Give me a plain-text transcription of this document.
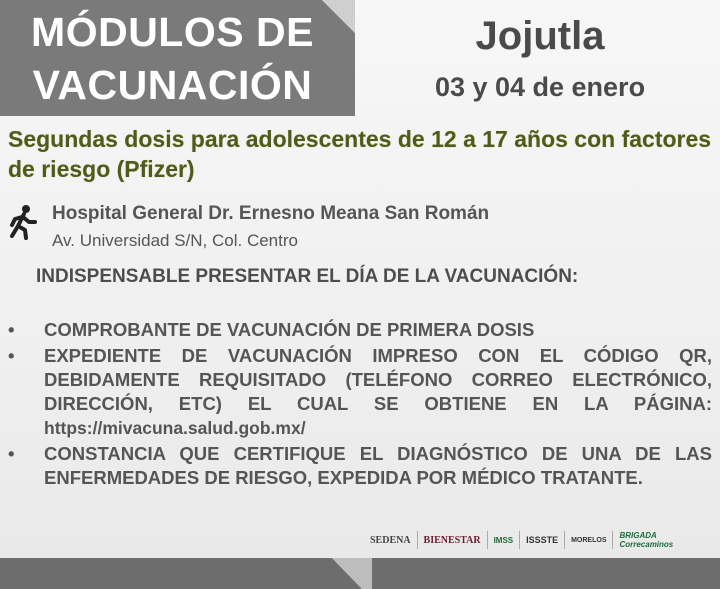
MÓDULOS DE
VACUNACIÓN
Jojutla
03 y 04 de enero
Segundas dosis para adolescentes de 12 a 17 años con factores de riesgo (Pfizer)
Hospital General Dr. Ernesno Meana San Román
Av. Universidad S/N, Col. Centro
INDISPENSABLE PRESENTAR EL DÍA DE LA VACUNACIÓN:
• COMPROBANTE DE VACUNACIÓN DE PRIMERA DOSIS
• EXPEDIENTE DE VACUNACIÓN IMPRESO CON EL CÓDIGO QR, DEBIDAMENTE REQUISITADO (TELÉFONO CORREO ELECTRÓNICO, DIRECCIÓN, ETC) EL CUAL SE OBTIENE EN LA PÁGINA: https://mivacuna.salud.gob.mx/
• CONSTANCIA QUE CERTIFIQUE EL DIAGNÓSTICO DE UNA DE LAS ENFERMEDADES DE RIESGO, EXPEDIDA POR MÉDICO TRATANTE.
SEDENA BIENESTAR IMSS ISSSTE MORELOS BRIGADA Correcaminos
